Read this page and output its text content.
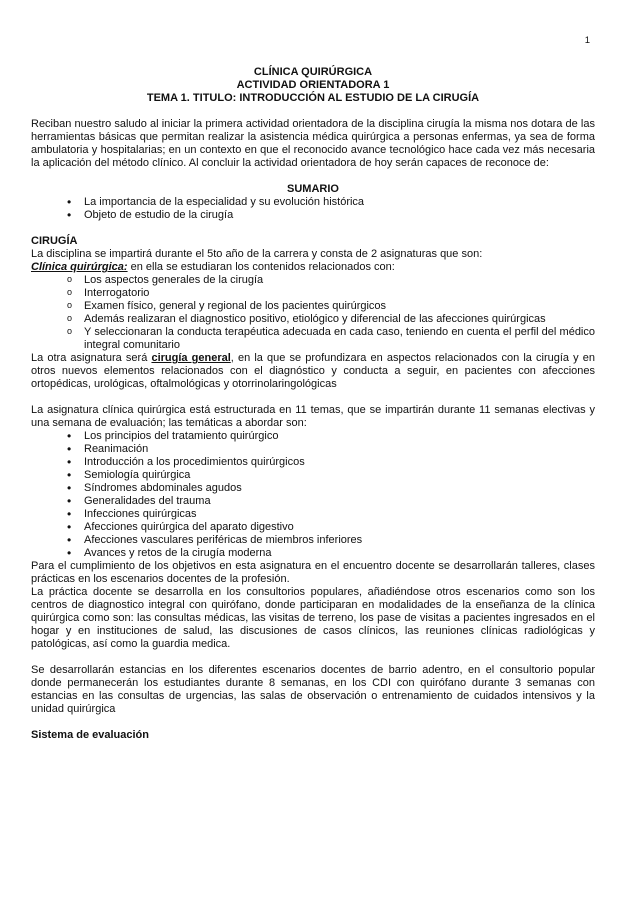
1
CLÍNICA QUIRÚRGICA
ACTIVIDAD ORIENTADORA 1
TEMA 1. TITULO: INTRODUCCIÓN AL ESTUDIO DE LA CIRUGÍA

Reciban nuestro saludo al iniciar la primera actividad orientadora de la disciplina cirugía la misma nos dotara de las herramientas básicas que permitan realizar la asistencia médica quirúrgica a personas enfermas, ya sea de forma ambulatoria y hospitalarias; en un contexto en que el reconocido avance tecnológico hace cada vez más necesaria la aplicación del método clínico. Al concluir la actividad orientadora de hoy serán capaces de reconoce de:

SUMARIO
• La importancia de la especialidad y su evolución histórica
• Objeto de estudio de la cirugía
CIRUGÍA

La disciplina se impartirá durante el 5to año de la carrera y consta de 2 asignaturas que son:

Clínica quirúrgica: en ella se estudiaran los contenidos relacionados con:

o Los aspectos generales de la cirugía
o Interrogatorio
o Examen físico, general y regional de los pacientes quirúrgicos
o Además realizaran el diagnostico positivo, etiológico y diferencial de las afecciones quirúrgicas
o Y seleccionaran la conducta terapéutica adecuada en cada caso, teniendo en cuenta el perfil del médico integral comunitario

La otra asignatura será cirugía general, en la que se profundizara en aspectos relacionados con la cirugía y en otros nuevos elementos relacionados con el diagnóstico y conducta a seguir, en pacientes con afecciones ortopédicas, urológicas, oftalmológicas y otorrinolaringológicas

La asignatura clínica quirúrgica está estructurada en 11 temas, que se impartirán durante 11 semanas electivas y una semana de evaluación; las temáticas a abordar son:

• Los principios del tratamiento quirúrgico
• Reanimación
• Introducción a los procedimientos quirúrgicos
• Semiología quirúrgica
• Síndromes abdominales agudos
• Generalidades del trauma
• Infecciones quirúrgicas
• Afecciones quirúrgica del aparato digestivo
• Afecciones vasculares periféricas de miembros inferiores
• Avances y retos de la cirugía moderna

Para el cumplimiento de los objetivos en esta asignatura en el encuentro docente se desarrollarán talleres, clases prácticas en los escenarios docentes de la profesión.

La práctica docente se desarrolla en los consultorios populares, añadiéndose otros escenarios como son los centros de diagnostico integral con quirófano, donde participaran en modalidades de la enseñanza de la clínica quirúrgica como son: las consultas médicas, las visitas de terreno, los pase de visitas a pacientes ingresados en el hogar y en instituciones de salud, las discusiones de casos clínicos, las reuniones clínicas radiológicas y patológicas, así como la guardia medica.

Se desarrollarán estancias en los diferentes escenarios docentes de barrio adentro, en el consultorio popular donde permanecerán los estudiantes durante 8 semanas, en los CDI con quirófano durante 3 semanas con estancias en las consultas de urgencias, las salas de observación o entrenamiento de cuidados intensivos y la unidad quirúrgica

Sistema de evaluación
